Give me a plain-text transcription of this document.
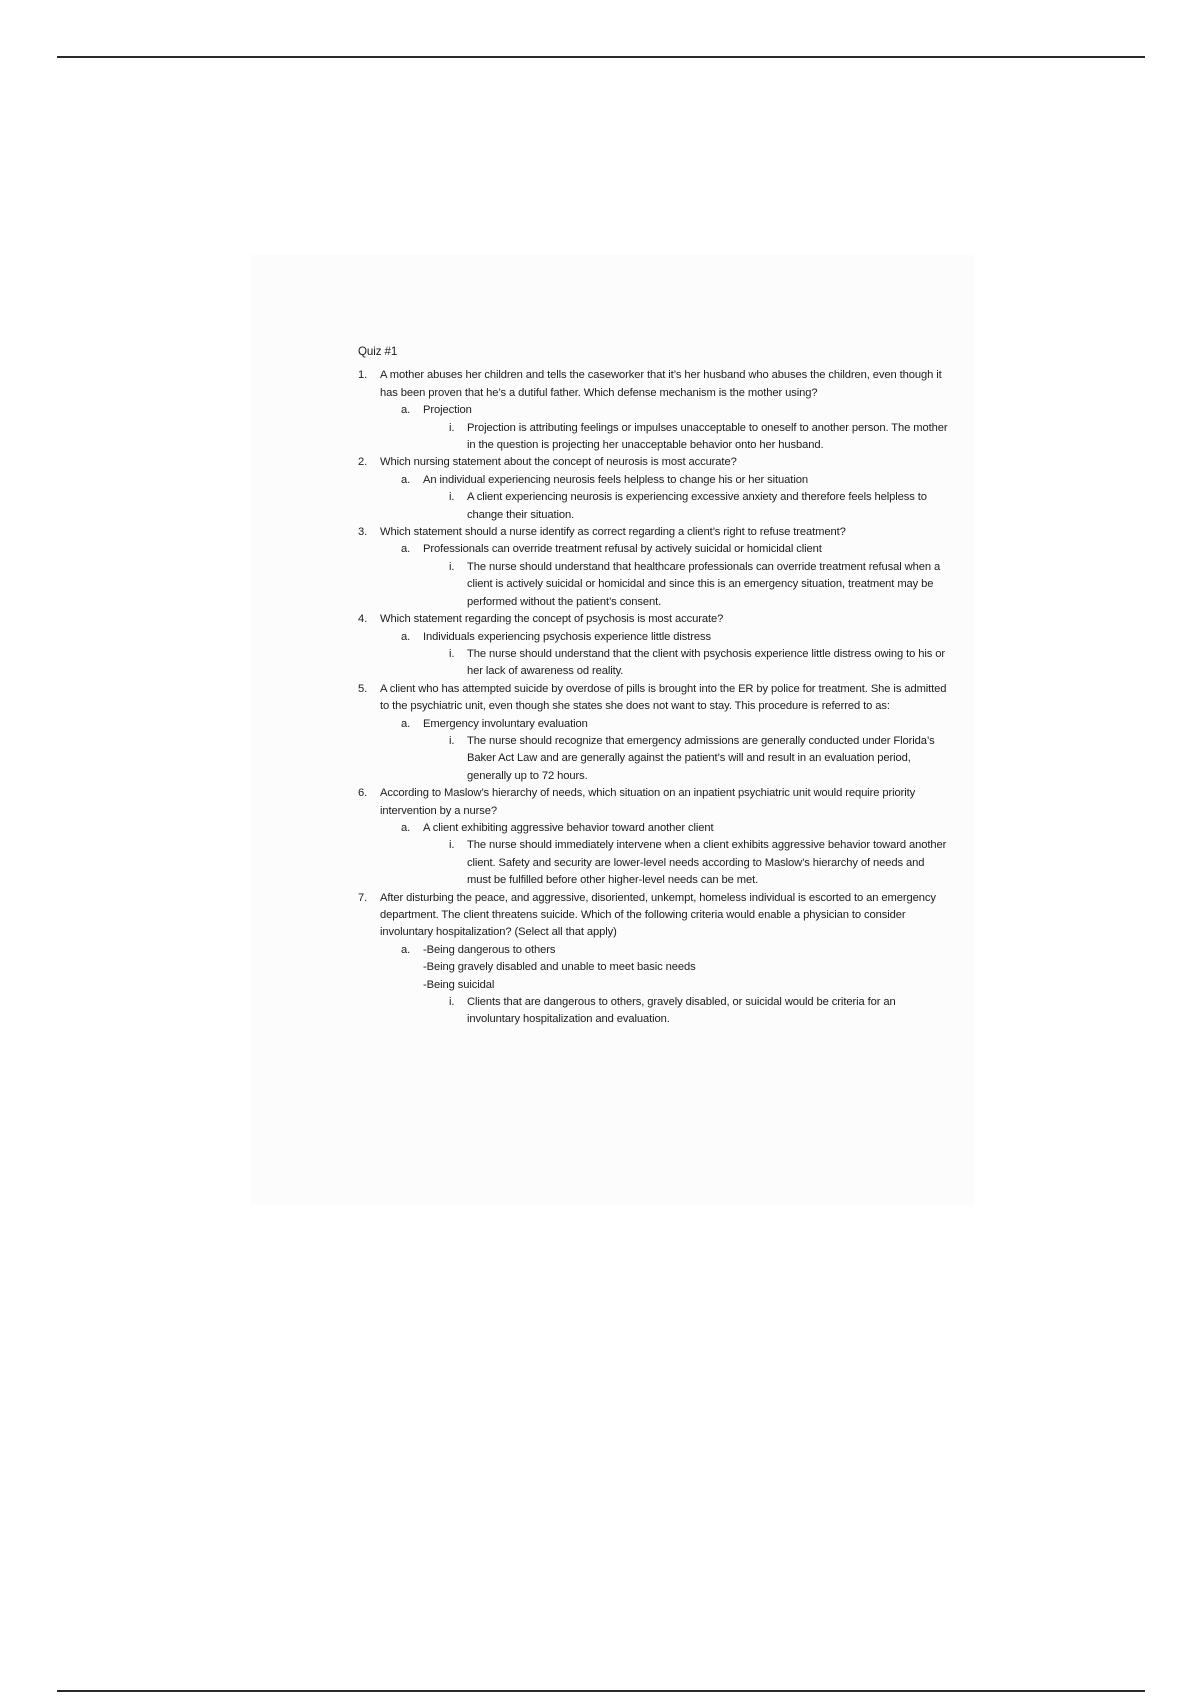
Quiz #1
1. A mother abuses her children and tells the caseworker that it’s her husband who abuses the children, even though it has been proven that he’s a dutiful father. Which defense mechanism is the mother using?
a. Projection
i. Projection is attributing feelings or impulses unacceptable to oneself to another person. The mother in the question is projecting her unacceptable behavior onto her husband.
2. Which nursing statement about the concept of neurosis is most accurate?
a. An individual experiencing neurosis feels helpless to change his or her situation
i. A client experiencing neurosis is experiencing excessive anxiety and therefore feels helpless to change their situation.
3. Which statement should a nurse identify as correct regarding a client’s right to refuse treatment?
a. Professionals can override treatment refusal by actively suicidal or homicidal client
i. The nurse should understand that healthcare professionals can override treatment refusal when a client is actively suicidal or homicidal and since this is an emergency situation, treatment may be performed without the patient’s consent.
4. Which statement regarding the concept of psychosis is most accurate?
a. Individuals experiencing psychosis experience little distress
i. The nurse should understand that the client with psychosis experience little distress owing to his or her lack of awareness od reality.
5. A client who has attempted suicide by overdose of pills is brought into the ER by police for treatment. She is admitted to the psychiatric unit, even though she states she does not want to stay. This procedure is referred to as:
a. Emergency involuntary evaluation
i. The nurse should recognize that emergency admissions are generally conducted under Florida’s Baker Act Law and are generally against the patient’s will and result in an evaluation period, generally up to 72 hours.
6. According to Maslow’s hierarchy of needs, which situation on an inpatient psychiatric unit would require priority intervention by a nurse?
a. A client exhibiting aggressive behavior toward another client
i. The nurse should immediately intervene when a client exhibits aggressive behavior toward another client. Safety and security are lower-level needs according to Maslow’s hierarchy of needs and must be fulfilled before other higher-level needs can be met.
7. After disturbing the peace, and aggressive, disoriented, unkempt, homeless individual is escorted to an emergency department. The client threatens suicide. Which of the following criteria would enable a physician to consider involuntary hospitalization? (Select all that apply)
a. -Being dangerous to others
-Being gravely disabled and unable to meet basic needs
-Being suicidal
i. Clients that are dangerous to others, gravely disabled, or suicidal would be criteria for an involuntary hospitalization and evaluation.
